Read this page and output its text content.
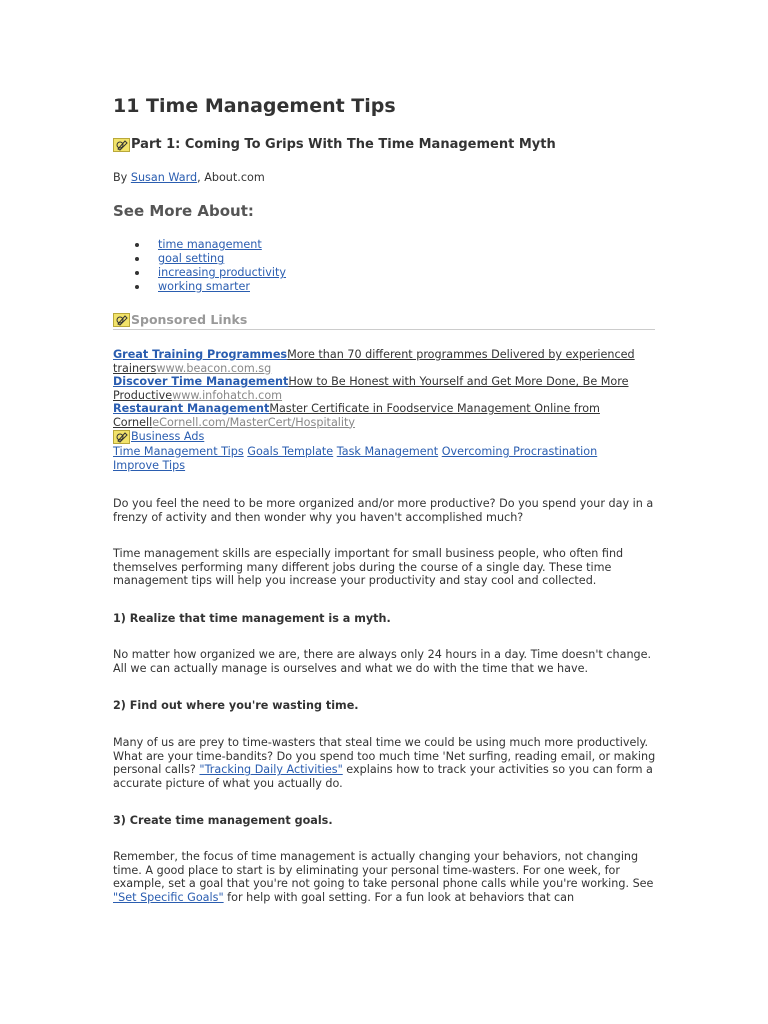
11 Time Management Tips
Part 1: Coming To Grips With The Time Management Myth
By Susan Ward, About.com
See More About:
time management
goal setting
increasing productivity
working smarter
Sponsored Links
Great Training ProgrammesMore than 70 different programmes Delivered by experienced
trainerswww.beacon.com.sg
Discover Time ManagementHow to Be Honest with Yourself and Get More Done, Be More
Productivewww.infohatch.com
Restaurant ManagementMaster Certificate in Foodservice Management Online from
CornelleCornell.com/MasterCert/Hospitality
Business Ads
Time Management Tips Goals Template Task Management Overcoming Procrastination
Improve Tips

Do you feel the need to be more organized and/or more productive? Do you spend your day in a frenzy of activity and then wonder why you haven't accomplished much?

Time management skills are especially important for small business people, who often find themselves performing many different jobs during the course of a single day. These time management tips will help you increase your productivity and stay cool and collected.

1) Realize that time management is a myth.

No matter how organized we are, there are always only 24 hours in a day. Time doesn't change. All we can actually manage is ourselves and what we do with the time that we have.

2) Find out where you're wasting time.

Many of us are prey to time-wasters that steal time we could be using much more productively. What are your time-bandits? Do you spend too much time 'Net surfing, reading email, or making personal calls? "Tracking Daily Activities" explains how to track your activities so you can form a accurate picture of what you actually do.

3) Create time management goals.

Remember, the focus of time management is actually changing your behaviors, not changing time. A good place to start is by eliminating your personal time-wasters. For one week, for example, set a goal that you're not going to take personal phone calls while you're working. See "Set Specific Goals" for help with goal setting. For a fun look at behaviors that can
